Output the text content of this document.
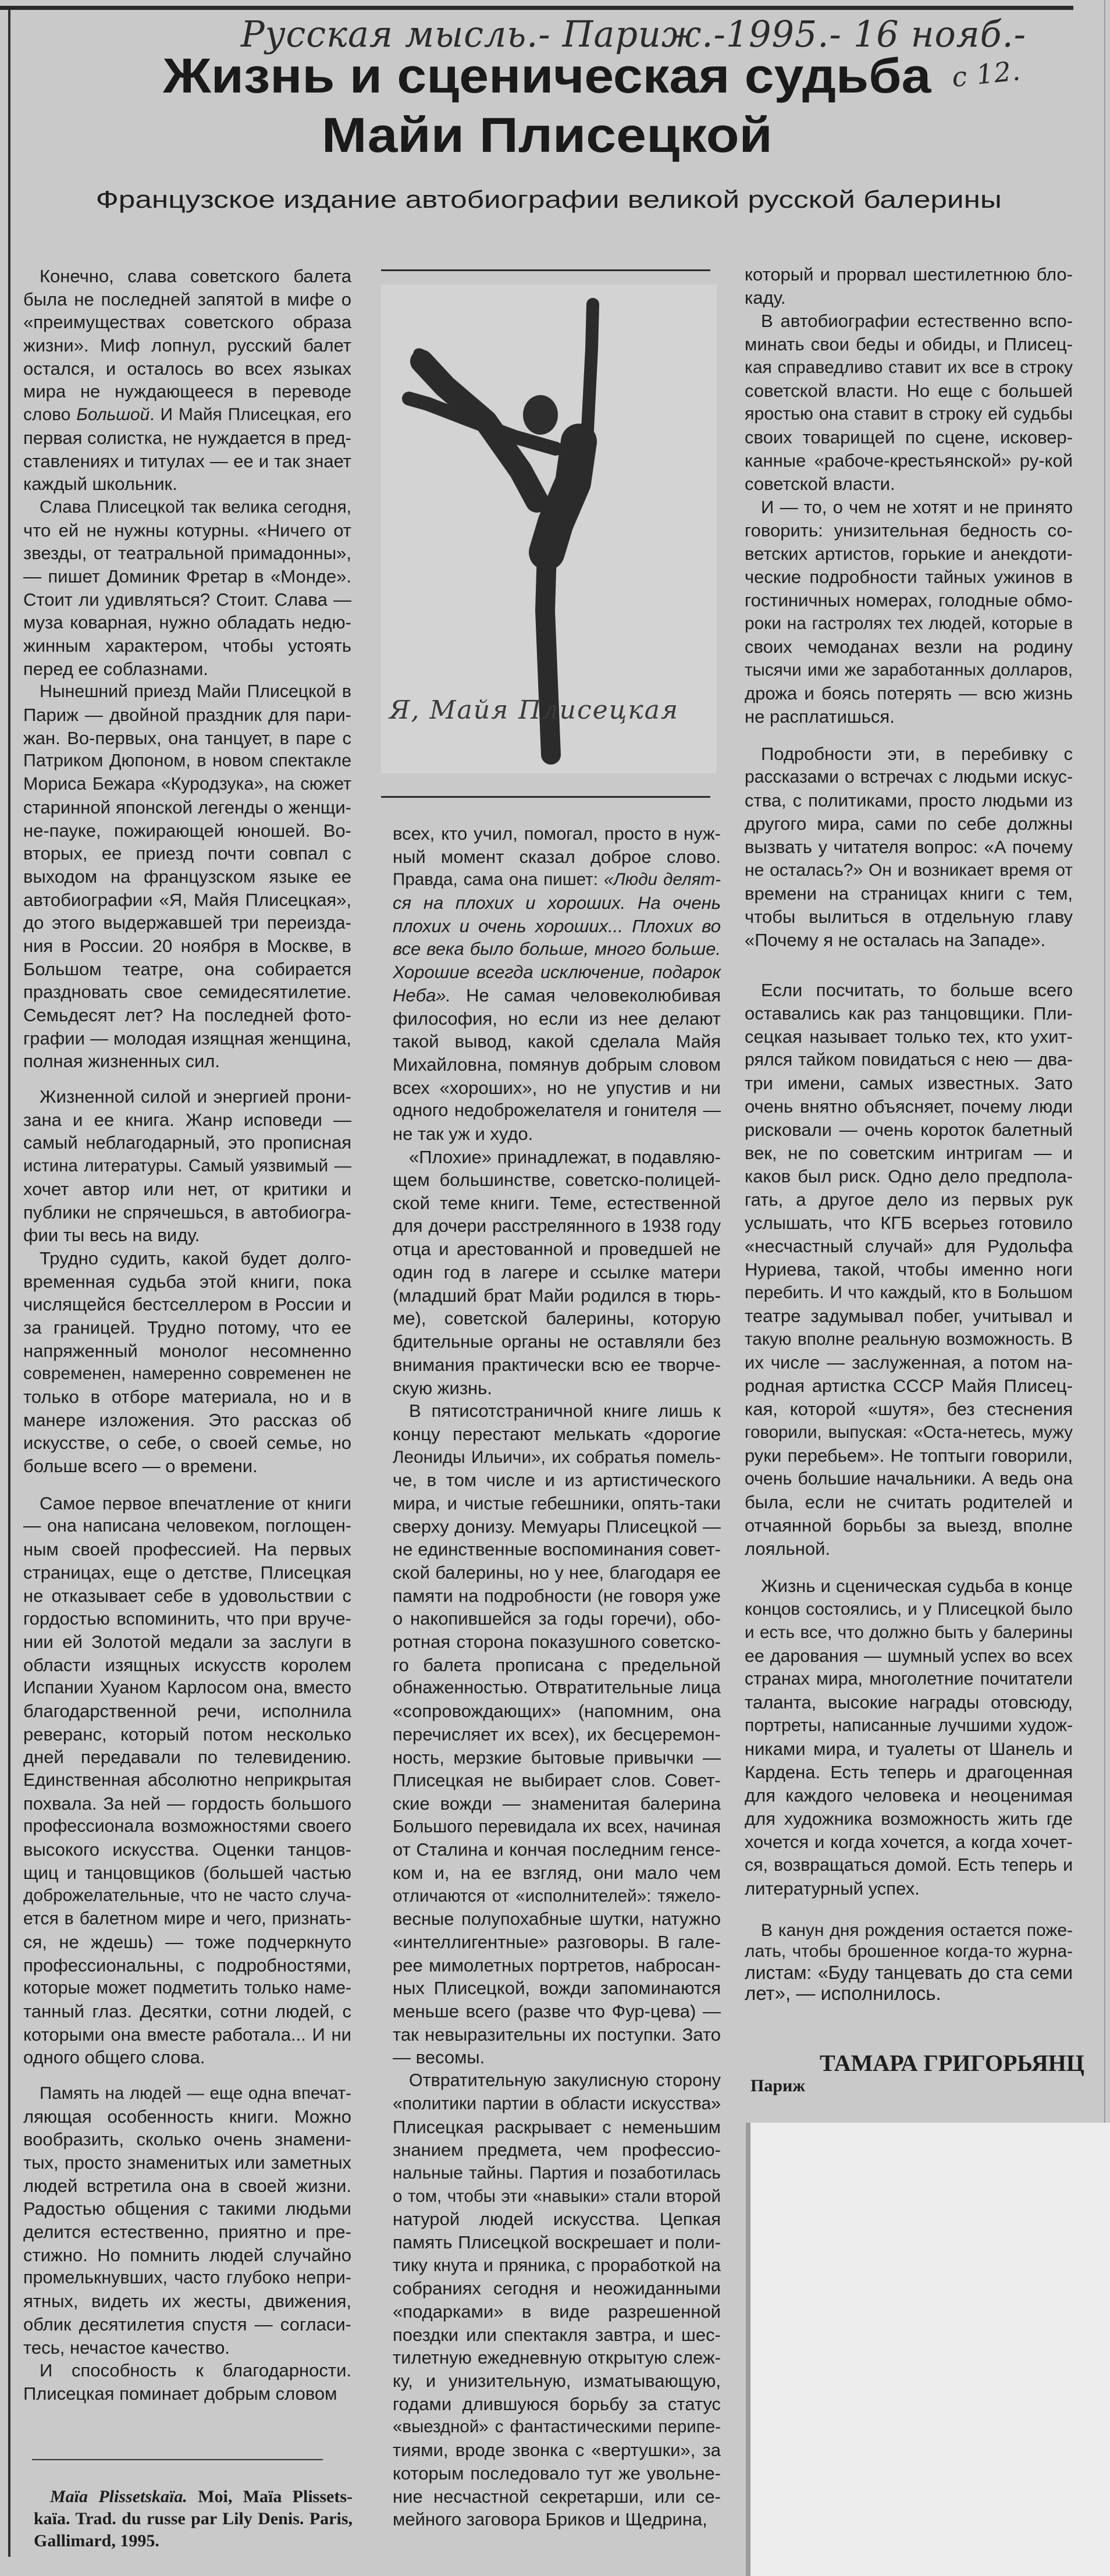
Русская мысль.- Париж.-1995.- 16 нояб.-
с 12.
Жизнь и сценическая судьба
Майи Плисецкой
Французское издание автобиографии великой русской балерины
Конечно, слава советского балета
была не последней запятой в мифе о
«преимуществах советского образа
жизни». Миф лопнул, русский балет
остался, и осталось во всех языках
мира не нуждающееся в переводе
слово Большой. И Майя Плисецкая, его
первая солистка, не нуждается в пред-
ставлениях и титулах — ее и так знает
каждый школьник.
Слава Плисецкой так велика сегодня,
что ей не нужны котурны. «Ничего от
звезды, от театральной примадонны»,
— пишет Доминик Фретар в «Монде».
Стоит ли удивляться? Стоит. Слава —
муза коварная, нужно обладать недю-
жинным характером, чтобы устоять
перед ее соблазнами.
Нынешний приезд Майи Плисецкой в
Париж — двойной праздник для пари-
жан. Во-первых, она танцует, в паре с
Патриком Дюпоном, в новом спектакле
Мориса Бежара «Куродзука», на сюжет
старинной японской легенды о женщи-
не-пауке, пожирающей юношей. Во-
вторых, ее приезд почти совпал с
выходом на французском языке ее
автобиографии «Я, Майя Плисецкая»,
до этого выдержавшей три переизда-
ния в России. 20 ноября в Москве, в
Большом театре, она собирается
праздновать свое семидесятилетие.
Семьдесят лет? На последней фото-
графии — молодая изящная женщина,
полная жизненных сил.
Жизненной силой и энергией прони-
зана и ее книга. Жанр исповеди —
самый неблагодарный, это прописная
истина литературы. Самый уязвимый —
хочет автор или нет, от критики и
публики не спрячешься, в автобиогра-
фии ты весь на виду.
Трудно судить, какой будет долго-
временная судьба этой книги, пока
числящейся бестселлером в России и
за границей. Трудно потому, что ее
напряженный монолог несомненно
современен, намеренно современен не
только в отборе материала, но и в
манере изложения. Это рассказ об
искусстве, о себе, о своей семье, но
больше всего — о времени.
Самое первое впечатление от книги
— она написана человеком, поглощен-
ным своей профессией. На первых
страницах, еще о детстве, Плисецкая
не отказывает себе в удовольствии с
гордостью вспоминить, что при вруче-
нии ей Золотой медали за заслуги в
области изящных искусств королем
Испании Хуаном Карлосом она, вместо
благодарственной речи, исполнила
реверанс, который потом несколько
дней передавали по телевидению.
Единственная абсолютно неприкрытая
похвала. За ней — гордость большого
профессионала возможностями своего
высокого искусства. Оценки танцов-
щиц и танцовщиков (большей частью
доброжелательные, что не часто случа-
ется в балетном мире и чего, признать-
ся, не ждешь) — тоже подчеркнуто
профессиональны, с подробностями,
которые может подметить только наме-
танный глаз. Десятки, сотни людей, с
которыми она вместе работала... И ни
одного общего слова.
Память на людей — еще одна впечат-
ляющая особенность книги. Можно
вообразить, сколько очень знамени-
тых, просто знаменитых или заметных
людей встретила она в своей жизни.
Радостью общения с такими людьми
делится естественно, приятно и пре-
стижно. Но помнить людей случайно
промелькнувших, часто глубоко непри-
ятных, видеть их жесты, движения,
облик десятилетия спустя — согласи-
тесь, нечастое качество.
И способность к благодарности.
Плисецкая поминает добрым словом
всех, кто учил, помогал, просто в нуж-
ный момент сказал доброе слово.
Правда, сама она пишет: «Люди делят-
ся на плохих и хороших. На очень
плохих и очень хороших... Плохих во
все века было больше, много больше.
Хорошие всегда исключение, подарок
Неба». Не самая человеколюбивая
философия, но если из нее делают
такой вывод, какой сделала Майя
Михайловна, помянув добрым словом
всех «хороших», но не упустив и ни
одного недоброжелателя и гонителя —
не так уж и худо.
«Плохие» принадлежат, в подавляю-
щем большинстве, советско-полицей-
ской теме книги. Теме, естественной
для дочери расстрелянного в 1938 году
отца и арестованной и проведшей не
один год в лагере и ссылке матери
(младший брат Майи родился в тюрь-
ме), советской балерины, которую
бдительные органы не оставляли без
внимания практически всю ее творче-
скую жизнь.
В пятисотстраничной книге лишь к
концу перестают мелькать «дорогие
Леониды Ильичи», их собратья помель-
че, в том числе и из артистического
мира, и чистые гебешники, опять-таки
сверху донизу. Мемуары Плисецкой —
не единственные воспоминания совет-
ской балерины, но у нее, благодаря ее
памяти на подробности (не говоря уже
о накопившейся за годы горечи), обо-
ротная сторона показушного советско-
го балета прописана с предельной
обнаженностью. Отвратительные лица
«сопровождающих» (напомним, она
перечисляет их всех), их бесцеремон-
ность, мерзкие бытовые привычки —
Плисецкая не выбирает слов. Совет-
ские вожди — знаменитая балерина
Большого перевидала их всех, начиная
от Сталина и кончая последним генсе-
ком и, на ее взгляд, они мало чем
отличаются от «исполнителей»: тяжело-
весные полупохабные шутки, натужно
«интеллигентные» разговоры. В гале-
рее мимолетных портретов, набросан-
ных Плисецкой, вожди запоминаются
меньше всего (разве что Фур-цева) —
так невыразительны их поступки. Зато
— весомы.
Отвратительную закулисную сторону
«политики партии в области искусства»
Плисецкая раскрывает с неменьшим
знанием предмета, чем профессио-
нальные тайны. Партия и позаботилась
о том, чтобы эти «навыки» стали второй
натурой людей искусства. Цепкая
память Плисецкой воскрешает и поли-
тику кнута и пряника, с проработкой на
собраниях сегодня и неожиданными
«подарками» в виде разрешенной
поездки или спектакля завтра, и шес-
тилетную ежедневную открытую слеж-
ку, и унизительную, изматывающую,
годами длившуюся борьбу за статус
«выездной» с фантастическими перипе-
тиями, вроде звонка с «вертушки», за
которым последовало тут же увольне-
ние несчастной секретарши, или се-
мейного заговора Бриков и Щедрина,
который и прорвал шестилетнюю бло-
каду.
В автобиографии естественно вспо-
минать свои беды и обиды, и Плисец-
кая справедливо ставит их все в строку
советской власти. Но еще с большей
яростью она ставит в строку ей судьбы
своих товарищей по сцене, исковер-
канные «рабоче-крестьянской» ру-кой
советской власти.
И — то, о чем не хотят и не принято
говорить: унизительная бедность со-
ветских артистов, горькие и анекдоти-
ческие подробности тайных ужинов в
гостиничных номерах, голодные обмо-
роки на гастролях тех людей, которые в
своих чемоданах везли на родину
тысячи ими же заработанных долларов,
дрожа и боясь потерять — всю жизнь
не расплатишься.
Подробности эти, в перебивку с
рассказами о встречах с людьми искус-
ства, с политиками, просто людьми из
другого мира, сами по себе должны
вызвать у читателя вопрос: «А почему
не осталась?» Он и возникает время от
времени на страницах книги с тем,
чтобы вылиться в отдельную главу
«Почему я не осталась на Западе».
Если посчитать, то больше всего
оставались как раз танцовщики. Пли-
сецкая называет только тех, кто ухит-
рялся тайком повидаться с нею — два-
три имени, самых известных. Зато
очень внятно объясняет, почему люди
рисковали — очень короток балетный
век, не по советским интригам — и
каков был риск. Одно дело предпола-
гать, а другое дело из первых рук
услышать, что КГБ всерьез готовило
«несчастный случай» для Рудольфа
Нуриева, такой, чтобы именно ноги
перебить. И что каждый, кто в Большом
театре задумывал побег, учитывал и
такую вполне реальную возможность. В
их числе — заслуженная, а потом на-
родная артистка СССР Майя Плисец-
кая, которой «шутя», без стеснения
говорили, выпуская: «Оста-нетесь, мужу
руки перебьем». Не топтыги говорили,
очень большие начальники. А ведь она
была, если не считать родителей и
отчаянной борьбы за выезд, вполне
лояльной.
Жизнь и сценическая судьба в конце
концов состоялись, и у Плисецкой было
и есть все, что должно быть у балерины
ее дарования — шумный успех во всех
странах мира, многолетние почитатели
таланта, высокие награды отовсюду,
портреты, написанные лучшими худож-
никами мира, и туалеты от Шанель и
Кардена. Есть теперь и драгоценная
для каждого человека и неоценимая
для художника возможность жить где
хочется и когда хочется, а когда хочет-
ся, возвращаться домой. Есть теперь и
литературный успех.
В канун дня рождения остается поже-
лать, чтобы брошенное когда-то журна-
листам: «Буду танцевать до ста семи
лет», — исполнилось.
Я, Майя Плисецкая
Maïa Plissetskaïa. Moi, Maïa Plissets-
kaïa. Trad. du russe par Lily Denis. Paris,
Gallimard, 1995.
ТАМАРА ГРИГОРЬЯНЦ
Париж
